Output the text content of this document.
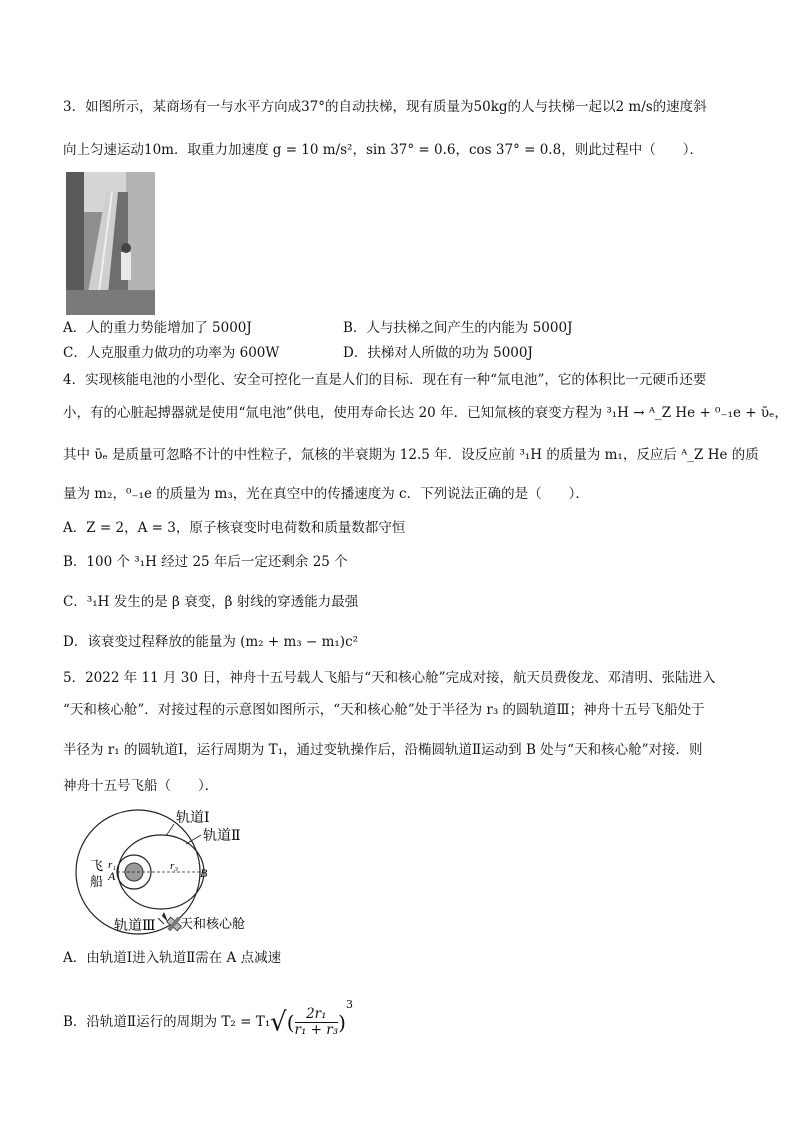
3．如图所示，某商场有一与水平方向成37°的自动扶梯，现有质量为50kg的人与扶梯一起以2 m/s的速度斜
向上匀速运动10m．取重力加速度 g = 10 m/s²，sin 37° = 0.6，cos 37° = 0.8，则此过程中（　　）．
A．人的重力势能增加了 5000J	B．人与扶梯之间产生的内能为 5000J
C．人克服重力做功的功率为 600W	D．扶梯对人所做的功为 5000J
4．实现核能电池的小型化、安全可控化一直是人们的目标．现在有一种“氚电池”，它的体积比一元硬币还要
小，有的心脏起搏器就是使用“氚电池”供电，使用寿命长达 20 年．已知氚核的衰变方程为 ³₁H → ᴬ_Z He + ⁰₋₁e + ῡₑ，
其中 ῡₑ 是质量可忽略不计的中性粒子，氚核的半衰期为 12.5 年．设反应前 ³₁H 的质量为 m₁，反应后 ᴬ_Z He 的质
量为 m₂，⁰₋₁e 的质量为 m₃，光在真空中的传播速度为 c．下列说法正确的是（　　）．
A．Z = 2，A = 3，原子核衰变时电荷数和质量数都守恒
B．100 个 ³₁H 经过 25 年后一定还剩余 25 个
C．³₁H 发生的是 β 衰变，β 射线的穿透能力最强
D．该衰变过程释放的能量为 (m₂ + m₃ − m₁)c²
5．2022 年 11 月 30 日，神舟十五号载人飞船与“天和核心舱”完成对接，航天员费俊龙、邓清明、张陆进入
“天和核心舱”．对接过程的示意图如图所示，“天和核心舱”处于半径为 r₃ 的圆轨道Ⅲ；神舟十五号飞船处于
半径为 r₁ 的圆轨道Ⅰ，运行周期为 T₁，通过变轨操作后，沿椭圆轨道Ⅱ运动到 B 处与“天和核心舱”对接．则
神舟十五号飞船（　　）．
轨道Ⅰ
轨道Ⅱ
轨道Ⅲ
飞
船 A	B
r₁	r₃
天和核心舱
A．由轨道Ⅰ进入轨道Ⅱ需在 A 点减速
B．沿轨道Ⅱ运行的周期为 $T_2 = T_1√( \frac{\text{2r₁}}{\text{r₁ + r₃}} )^3$
